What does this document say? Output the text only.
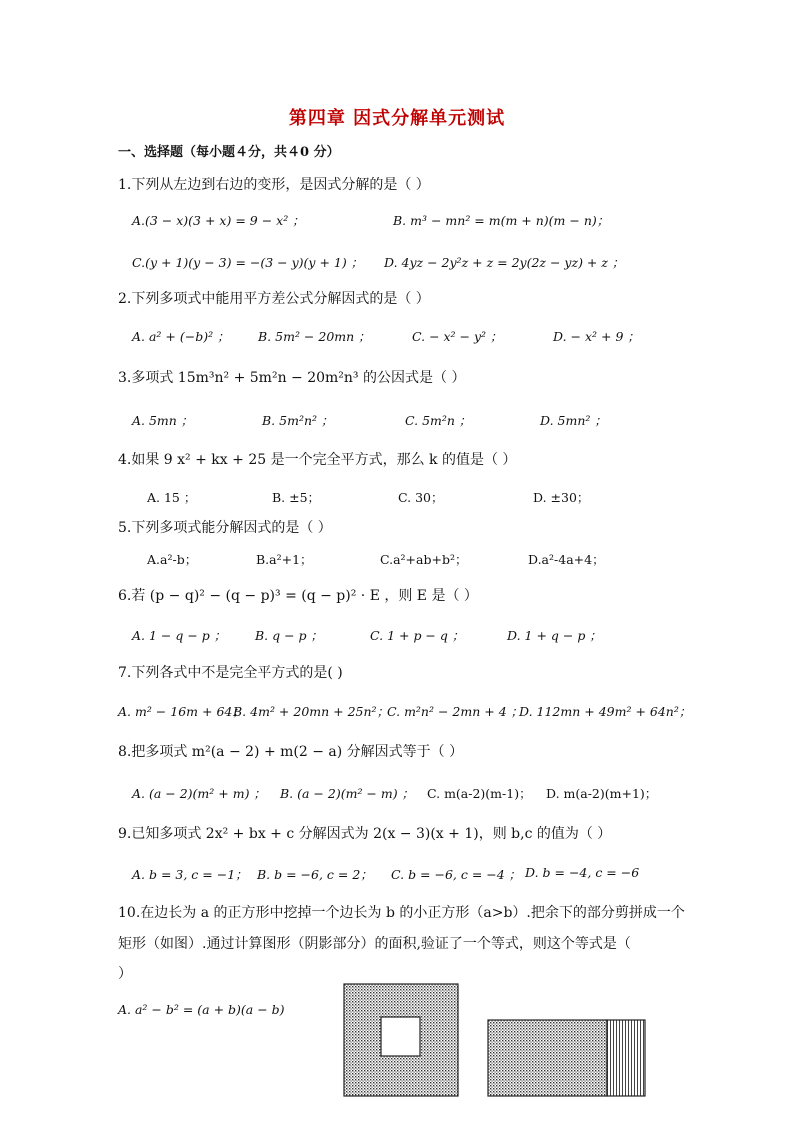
第四章 因式分解单元测试
一、选择题（每小题４分，共４0 分）
1.下列从左边到右边的变形，是因式分解的是（ ）
A.(3 − x)(3 + x) = 9 − x² ；	B. m³ − mn² = m(m + n)(m − n)；
C.(y + 1)(y − 3) = −(3 − y)(y + 1) ； D. 4yz − 2y²z + z = 2y(2z − yz) + z ；
2.下列多项式中能用平方差公式分解因式的是（ ）
A. a² + (−b)² ； B. 5m² − 20mn ；	C. − x² − y² ；	D. − x² + 9 ；
3.多项式 15m³n² + 5m²n − 20m²n³ 的公因式是（ ）
A. 5mn ；	B. 5m²n² ；	C. 5m²n ；	D. 5mn² ；
4.如果 9 x² + kx + 25 是一个完全平方式，那么 k 的值是（ ）
A. 15 ；	B. ±5；	C. 30；	D. ±30；
5.下列多项式能分解因式的是（ ）
A.a²-b；	B.a²+1；	C.a²+ab+b²；	D.a²-4a+4；
6.若 (p − q)² − (q − p)³ = (q − p)² · E ，则 E 是（ ）
A. 1 − q − p ； B. q − p ；	C. 1 + p − q ；	D. 1 + q − p ；
7.下列各式中不是完全平方式的是( )
A. m² − 16m + 64；
B. 4m² + 20mn + 25n²；
C. m²n² − 2mn + 4 ；
D. 112mn + 49m² + 64n²；
8.把多项式 m²(a − 2) + m(2 − a) 分解因式等于（ ）
A. (a − 2)(m² + m) ； B. (a − 2)(m² − m) ； C. m(a-2)(m-1)； D. m(a-2)(m+1)；
9.已知多项式 2x² + bx + c 分解因式为 2(x − 3)(x + 1)，则 b,c 的值为（ ）
A. b = 3, c = −1； B. b = −6, c = 2； C. b = −6, c = −4 ； D. b = −4, c = −6
10.在边长为 a 的正方形中挖掉一个边长为 b 的小正方形（a>b）.把余下的部分剪拼成一个
矩形（如图）.通过计算图形（阴影部分）的面积,验证了一个等式，则这个等式是（
）
A. a² − b² = (a + b)(a − b)
